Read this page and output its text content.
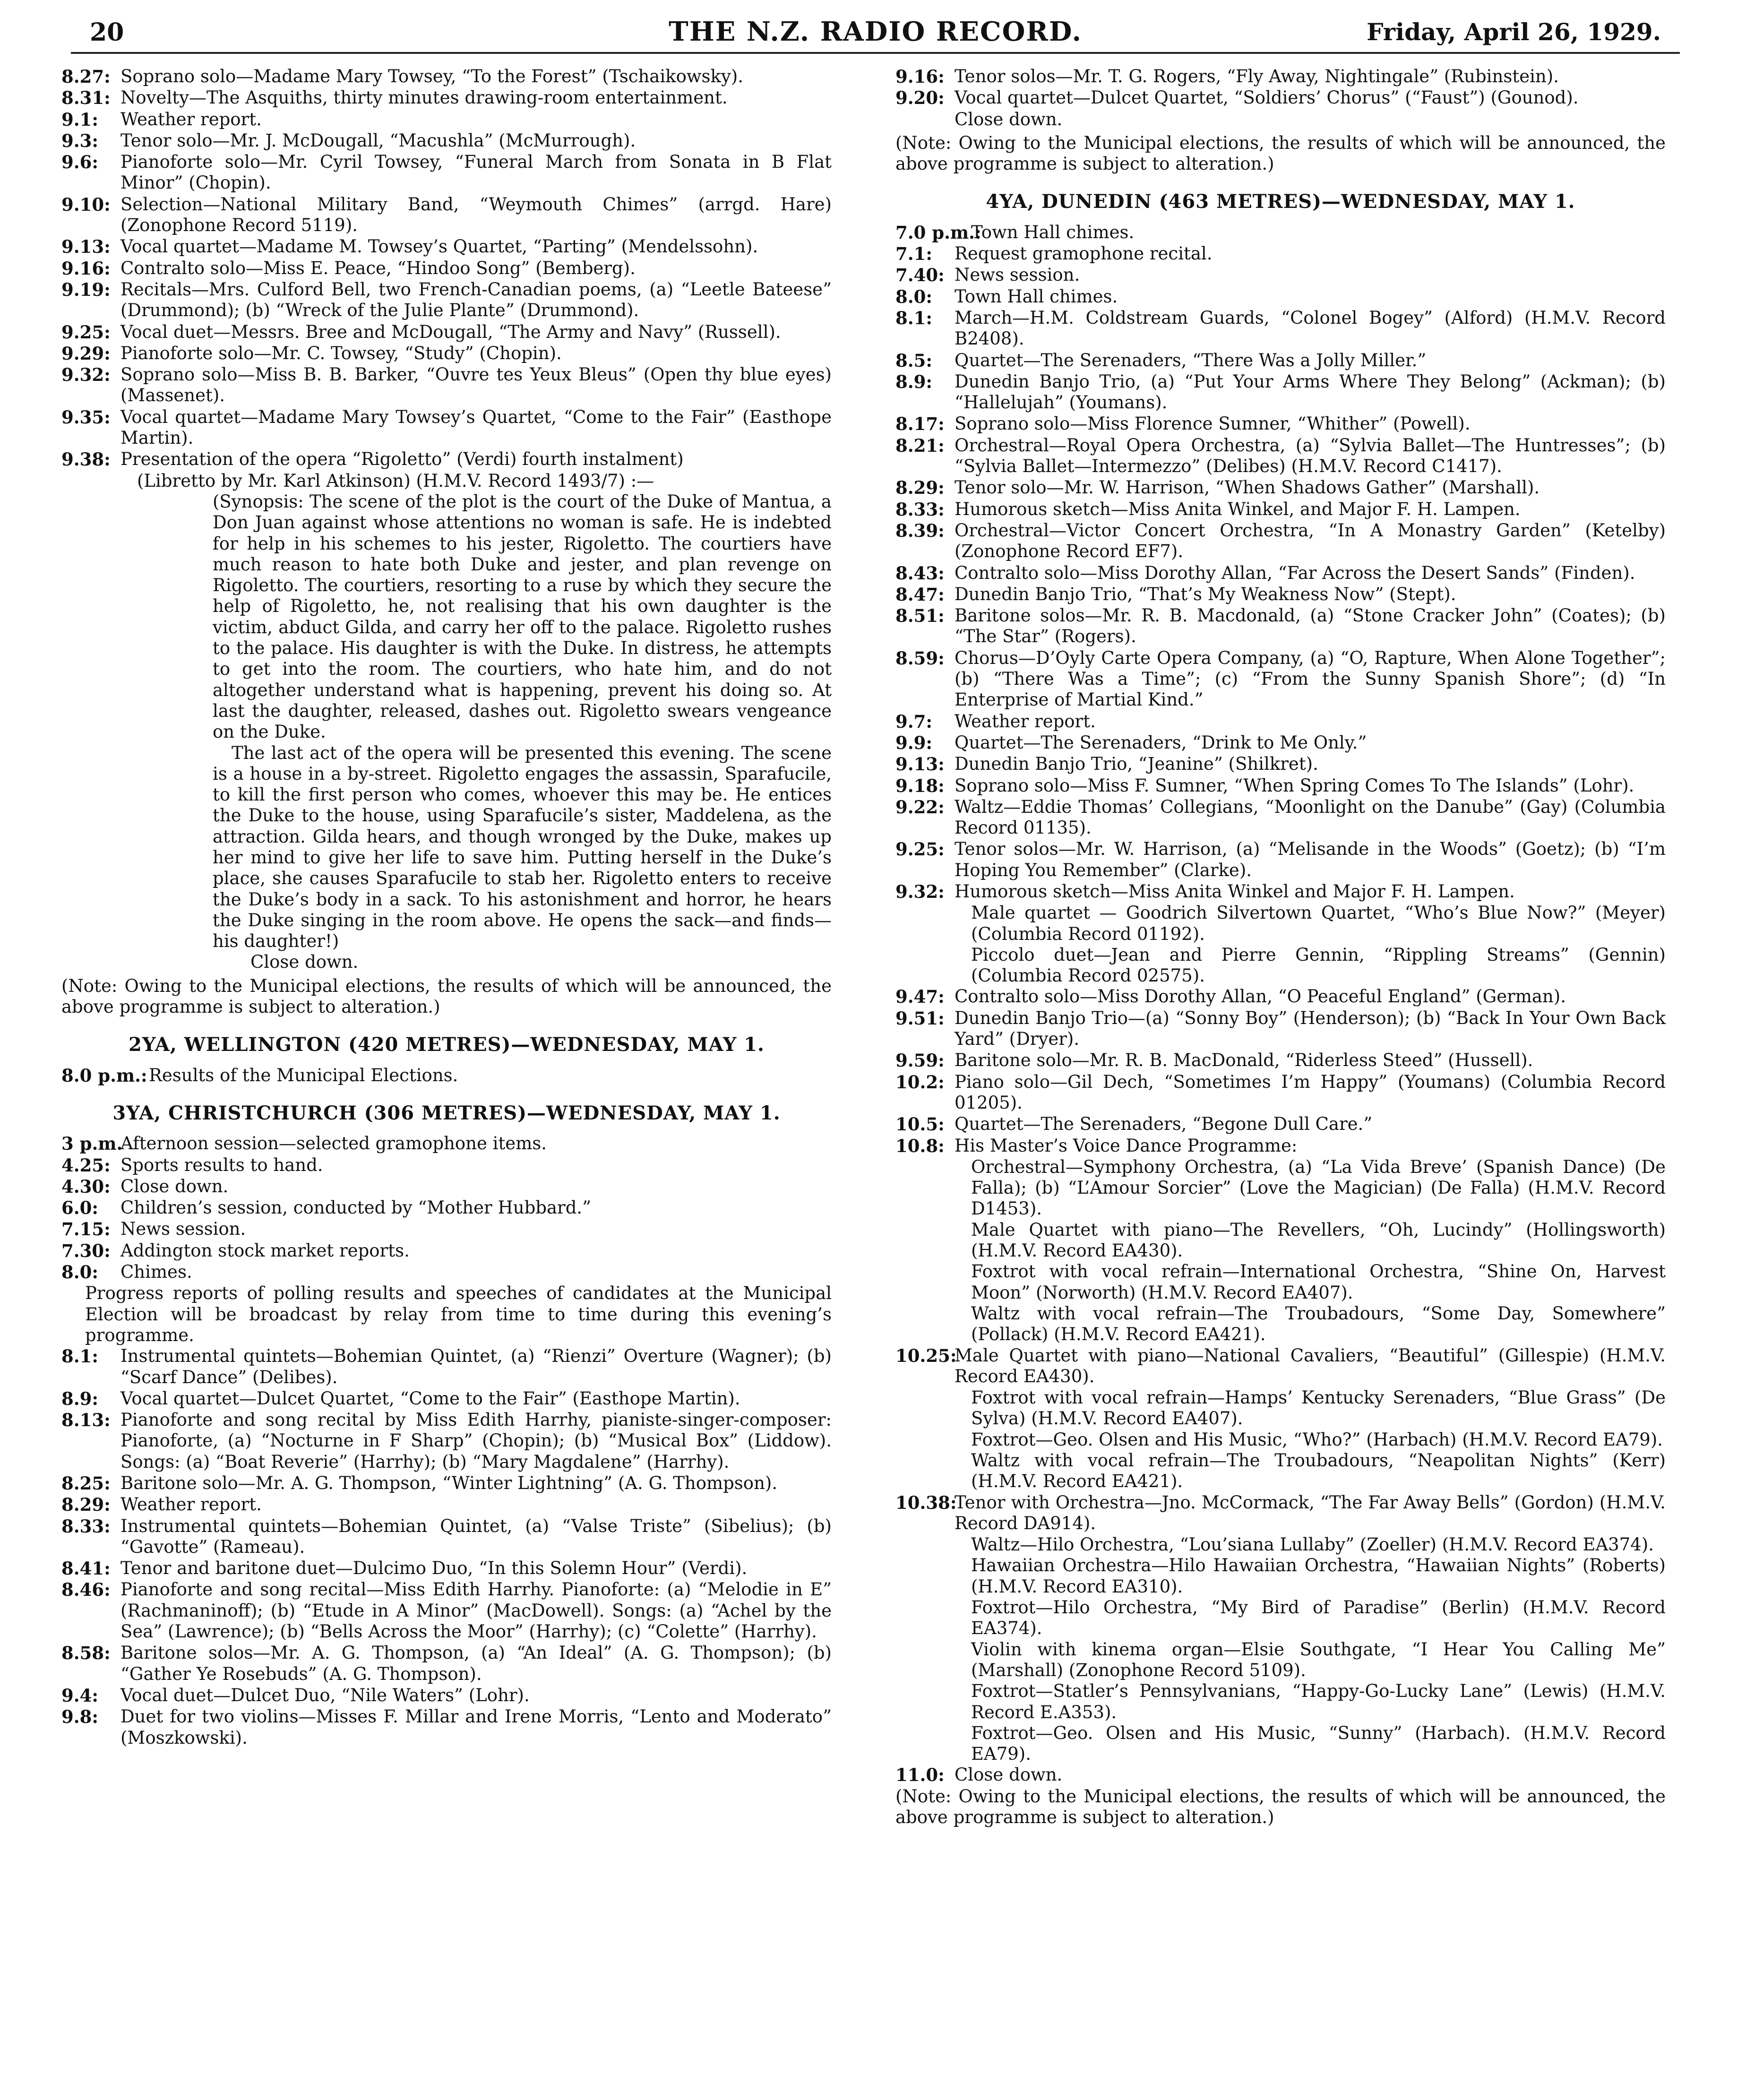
20	THE N.Z. RADIO RECORD.	Friday, April 26, 1929.
8.27: Soprano solo—Madame Mary Towsey, “To the Forest” (Tschaikowsky).
8.31: Novelty—The Asquiths, thirty minutes drawing-room entertainment.
9.1:	Weather report.
9.3:	Tenor solo—Mr. J. McDougall, “Macushla” (McMurrough).
9.6:	Pianoforte solo—Mr. Cyril Towsey, “Funeral March from Sonata in B Flat Minor” (Chopin).
9.10: Selection—National Military Band, “Weymouth Chimes” (arrgd. Hare) (Zonophone Record 5119).
9.13: Vocal quartet—Madame M. Towsey’s Quartet, “Parting” (Mendelssohn).
9.16: Contralto solo—Miss E. Peace, “Hindoo Song” (Bemberg).
9.19: Recitals—Mrs. Culford Bell, two French-Canadian poems, (a) “Leetle Bateese” (Drummond); (b) “Wreck of the Julie Plante” (Drummond).
9.25: Vocal duet—Messrs. Bree and McDougall, “The Army and Navy” (Russell).
9.29: Pianoforte solo—Mr. C. Towsey, “Study” (Chopin).
9.32: Soprano solo—Miss B. B. Barker, “Ouvre tes Yeux Bleus” (Open thy blue eyes) (Massenet).
9.35: Vocal quartet—Madame Mary Towsey’s Quartet, “Come to the Fair” (Easthope Martin).
9.38: Presentation of the opera “Rigoletto” (Verdi) fourth instalment)
(Libretto by Mr. Karl Atkinson) (H.M.V. Record 1493/7) :—

(Synopsis: The scene of the plot is the court of the Duke of Mantua, a Don Juan against whose attentions no woman is safe. He is indebted for help in his schemes to his jester, Rigoletto. The courtiers have much reason to hate both Duke and jester, and plan revenge on Rigoletto. The courtiers, resorting to a ruse by which they secure the help of Rigoletto, he, not realising that his own daughter is the victim, abduct Gilda, and carry her off to the palace. Rigoletto rushes to the palace. His daughter is with the Duke. In distress, he attempts to get into the room. The courtiers, who hate him, and do not altogether understand what is happening, prevent his doing so. At last the daughter, released, dashes out. Rigoletto swears vengeance on the Duke.

The last act of the opera will be presented this evening. The scene is a house in a by-street. Rigoletto engages the assassin, Sparafucile, to kill the first person who comes, whoever this may be. He entices the Duke to the house, using Sparafucile’s sister, Maddelena, as the attraction. Gilda hears, and though wronged by the Duke, makes up her mind to give her life to save him. Putting herself in the Duke’s place, she causes Sparafucile to stab her. Rigoletto enters to receive the Duke’s body in a sack. To his astonishment and horror, he hears the Duke singing in the room above. He opens the sack—and finds—his daughter!)

Close down.
(Note: Owing to the Municipal elections, the results of which will be announced, the above programme is subject to alteration.)
2YA, WELLINGTON (420 METRES)—WEDNESDAY, MAY 1.
8.0 p.m.: Results of the Municipal Elections.
3YA, CHRISTCHURCH (306 METRES)—WEDNESDAY, MAY 1.
3 p.m.
Afternoon session—selected gramophone items.
4.25: Sports results to hand.
4.30: Close down.
6.0:	Children’s session, conducted by “Mother Hubbard.”
7.15: News session.
7.30: Addington stock market reports.
8.0:	Chimes.
Progress reports of polling results and speeches of candidates at the Municipal Election will be broadcast by relay from time to time during this evening’s programme.
8.1:	Instrumental quintets—Bohemian Quintet, (a) “Rienzi” Overture (Wagner); (b) “Scarf Dance” (Delibes).
8.9:	Vocal quartet—Dulcet Quartet, “Come to the Fair” (Easthope Martin).
8.13: Pianoforte and song recital by Miss Edith Harrhy, pianiste-singer-composer: Pianoforte, (a) “Nocturne in F Sharp” (Chopin); (b) “Musical Box” (Liddow). Songs: (a) “Boat Reverie” (Harrhy); (b) “Mary Magdalene” (Harrhy).
8.25: Baritone solo—Mr. A. G. Thompson, “Winter Lightning” (A. G. Thompson).
8.29: Weather report.
8.33: Instrumental quintets—Bohemian Quintet, (a) “Valse Triste” (Sibelius); (b) “Gavotte” (Rameau).
8.41: Tenor and baritone duet—Dulcimo Duo, “In this Solemn Hour” (Verdi).
8.46: Pianoforte and song recital—Miss Edith Harrhy. Pianoforte: (a) “Melodie in E” (Rachmaninoff); (b) “Etude in A Minor” (MacDowell). Songs: (a) “Achel by the Sea” (Lawrence); (b) “Bells Across the Moor” (Harrhy); (c) “Colette” (Harrhy).
8.58: Baritone solos—Mr. A. G. Thompson, (a) “An Ideal” (A. G. Thompson); (b) “Gather Ye Rosebuds” (A. G. Thompson).
9.4:	Vocal duet—Dulcet Duo, “Nile Waters” (Lohr).
9.8:	Duet for two violins—Misses F. Millar and Irene Morris, “Lento and Moderato” (Moszkowski).
9.16: Tenor solos—Mr. T. G. Rogers, “Fly Away, Nightingale” (Rubinstein).
9.20: Vocal quartet—Dulcet Quartet, “Soldiers’ Chorus” (“Faust”) (Gounod).
Close down.
(Note: Owing to the Municipal elections, the results of which will be announced, the above programme is subject to alteration.)
4YA, DUNEDIN (463 METRES)—WEDNESDAY, MAY 1.
7.0 p.m.:
Town Hall chimes.
7.1:	Request gramophone recital.
7.40: News session.
8.0:	Town Hall chimes.
8.1:	March—H.M. Coldstream Guards, “Colonel Bogey” (Alford) (H.M.V. Record B2408).
8.5:	Quartet—The Serenaders, “There Was a Jolly Miller.”
8.9:	Dunedin Banjo Trio, (a) “Put Your Arms Where They Belong” (Ackman); (b) “Hallelujah” (Youmans).
8.17: Soprano solo—Miss Florence Sumner, “Whither” (Powell).
8.21: Orchestral—Royal Opera Orchestra, (a) “Sylvia Ballet—The Huntresses”; (b) “Sylvia Ballet—Intermezzo” (Delibes) (H.M.V. Record C1417).
8.29: Tenor solo—Mr. W. Harrison, “When Shadows Gather” (Marshall).
8.33: Humorous sketch—Miss Anita Winkel, and Major F. H. Lampen.
8.39: Orchestral—Victor Concert Orchestra, “In A Monastry Garden” (Ketelby) (Zonophone Record EF7).
8.43: Contralto solo—Miss Dorothy Allan, “Far Across the Desert Sands” (Finden).
8.47: Dunedin Banjo Trio, “That’s My Weakness Now” (Stept).
8.51: Baritone solos—Mr. R. B. Macdonald, (a) “Stone Cracker John” (Coates); (b) “The Star” (Rogers).
8.59: Chorus—D’Oyly Carte Opera Company, (a) “O, Rapture, When Alone Together”; (b) “There Was a Time”; (c) “From the Sunny Spanish Shore”; (d) “In Enterprise of Martial Kind.”
9.7:	Weather report.
9.9:	Quartet—The Serenaders, “Drink to Me Only.”
9.13: Dunedin Banjo Trio, “Jeanine” (Shilkret).
9.18: Soprano solo—Miss F. Sumner, “When Spring Comes To The Islands” (Lohr).
9.22: Waltz—Eddie Thomas’ Collegians, “Moonlight on the Danube” (Gay) (Columbia Record 01135).
9.25: Tenor solos—Mr. W. Harrison, (a) “Melisande in the Woods” (Goetz); (b) “I’m Hoping You Remember” (Clarke).
9.32: Humorous sketch—Miss Anita Winkel and Major F. H. Lampen.
Male quartet — Goodrich Silvertown Quartet, “Who’s Blue Now?” (Meyer) (Columbia Record 01192).
Piccolo duet—Jean and Pierre Gennin, “Rippling Streams” (Gennin) (Columbia Record 02575).
9.47: Contralto solo—Miss Dorothy Allan, “O Peaceful England” (German).
9.51: Dunedin Banjo Trio—(a) “Sonny Boy” (Henderson); (b) “Back In Your Own Back Yard” (Dryer).
9.59: Baritone solo—Mr. R. B. MacDonald, “Riderless Steed” (Hussell).
10.2: Piano solo—Gil Dech, “Sometimes I’m Happy” (Youmans) (Columbia Record 01205).
10.5: Quartet—The Serenaders, “Begone Dull Care.”
10.8: His Master’s Voice Dance Programme:
Orchestral—Symphony Orchestra, (a) “La Vida Breve’ (Spanish Dance) (De Falla); (b) “L’Amour Sorcier” (Love the Magician) (De Falla) (H.M.V. Record D1453).
Male Quartet with piano—The Revellers, “Oh, Lucindy” (Hollingsworth) (H.M.V. Record EA430).
Foxtrot with vocal refrain—International Orchestra, “Shine On, Harvest Moon” (Norworth) (H.M.V. Record EA407).
Waltz with vocal refrain—The Troubadours, “Some Day, Somewhere” (Pollack) (H.M.V. Record EA421).
10.25:
Male Quartet with piano—National Cavaliers, “Beautiful” (Gillespie) (H.M.V. Record EA430).
Foxtrot with vocal refrain—Hamps’ Kentucky Serenaders, “Blue Grass” (De Sylva) (H.M.V. Record EA407).
Foxtrot—Geo. Olsen and His Music, “Who?” (Harbach) (H.M.V. Record EA79).
Waltz with vocal refrain—The Troubadours, “Neapolitan Nights” (Kerr) (H.M.V. Record EA421).
10.38:
Tenor with Orchestra—Jno. McCormack, “The Far Away Bells” (Gordon) (H.M.V. Record DA914).
Waltz—Hilo Orchestra, “Lou’siana Lullaby” (Zoeller) (H.M.V. Record EA374).
Hawaiian Orchestra—Hilo Hawaiian Orchestra, “Hawaiian Nights” (Roberts) (H.M.V. Record EA310).
Foxtrot—Hilo Orchestra, “My Bird of Paradise” (Berlin) (H.M.V. Record EA374).
Violin with kinema organ—Elsie Southgate, “I Hear You Calling Me” (Marshall) (Zonophone Record 5109).
Foxtrot—Statler’s Pennsylvanians, “Happy-Go-Lucky Lane” (Lewis) (H.M.V. Record E.A353).
Foxtrot—Geo. Olsen and His Music, “Sunny” (Harbach). (H.M.V. Record EA79).
11.0: Close down.
(Note: Owing to the Municipal elections, the results of which will be announced, the above programme is subject to alteration.)
